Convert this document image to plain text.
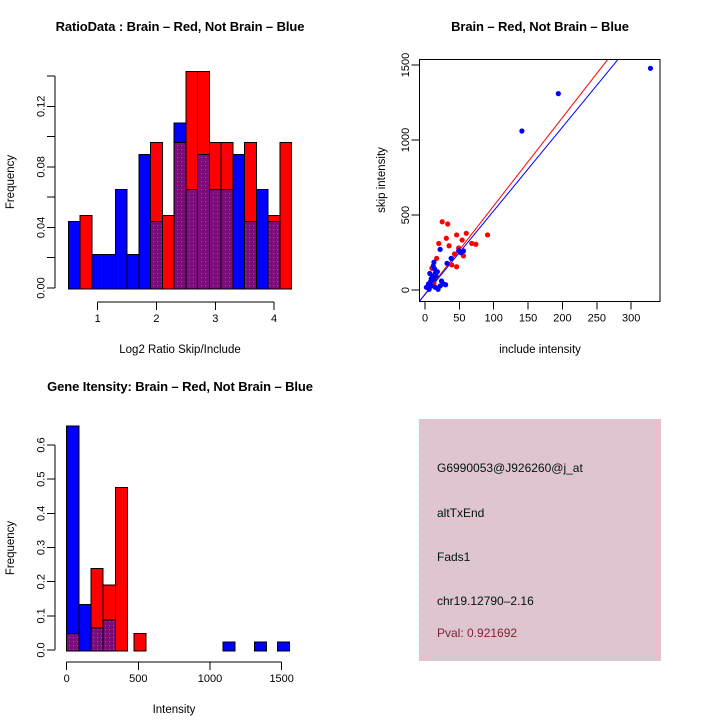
RatioData : Brain – Red, Not Brain – Blue
0.00
0.04
0.08
0.12
1	2	3	4
Log2 Ratio Skip/Include
Frequency
Brain – Red, Not Brain – Blue
0 50 100 150 200 250 300
0
500
1000
1500
include intensity
skip intensity
Gene Itensity: Brain – Red, Not Brain – Blue
0.0
0.1
0.2
0.3
0.4
0.5
0.6
0	500	1000	1500
Intensity
Frequency
G6990053@J926260@j_at
altTxEnd
Fads1
chr19.12790–2.16
Pval: 0.921692
